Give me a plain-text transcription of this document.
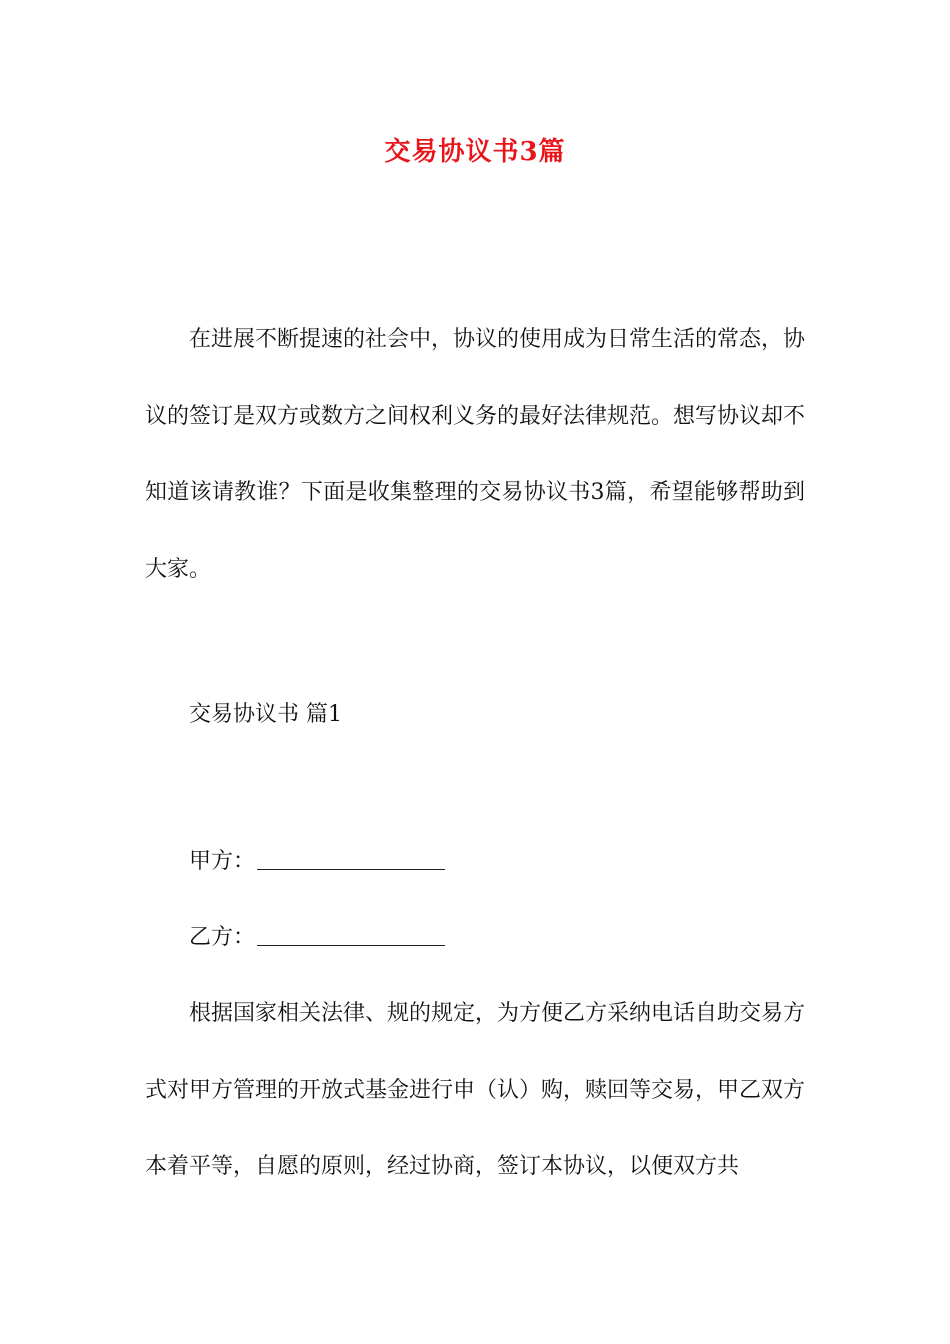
交易协议书3篇
在进展不断提速的社会中，协议的使用成为日常生活的常态，协议的签订是双方或数方之间权利义务的最好法律规范。想写协议却不知道该请教谁？下面是收集整理的交易协议书3篇，希望能够帮助到大家。
交易协议书 篇1
甲方：
乙方：
根据国家相关法律、规的规定，为方便乙方采纳电话自助交易方式对甲方管理的开放式基金进行申（认）购，赎回等交易，甲乙双方本着平等，自愿的原则，经过协商，签订本协议，以便双方共
